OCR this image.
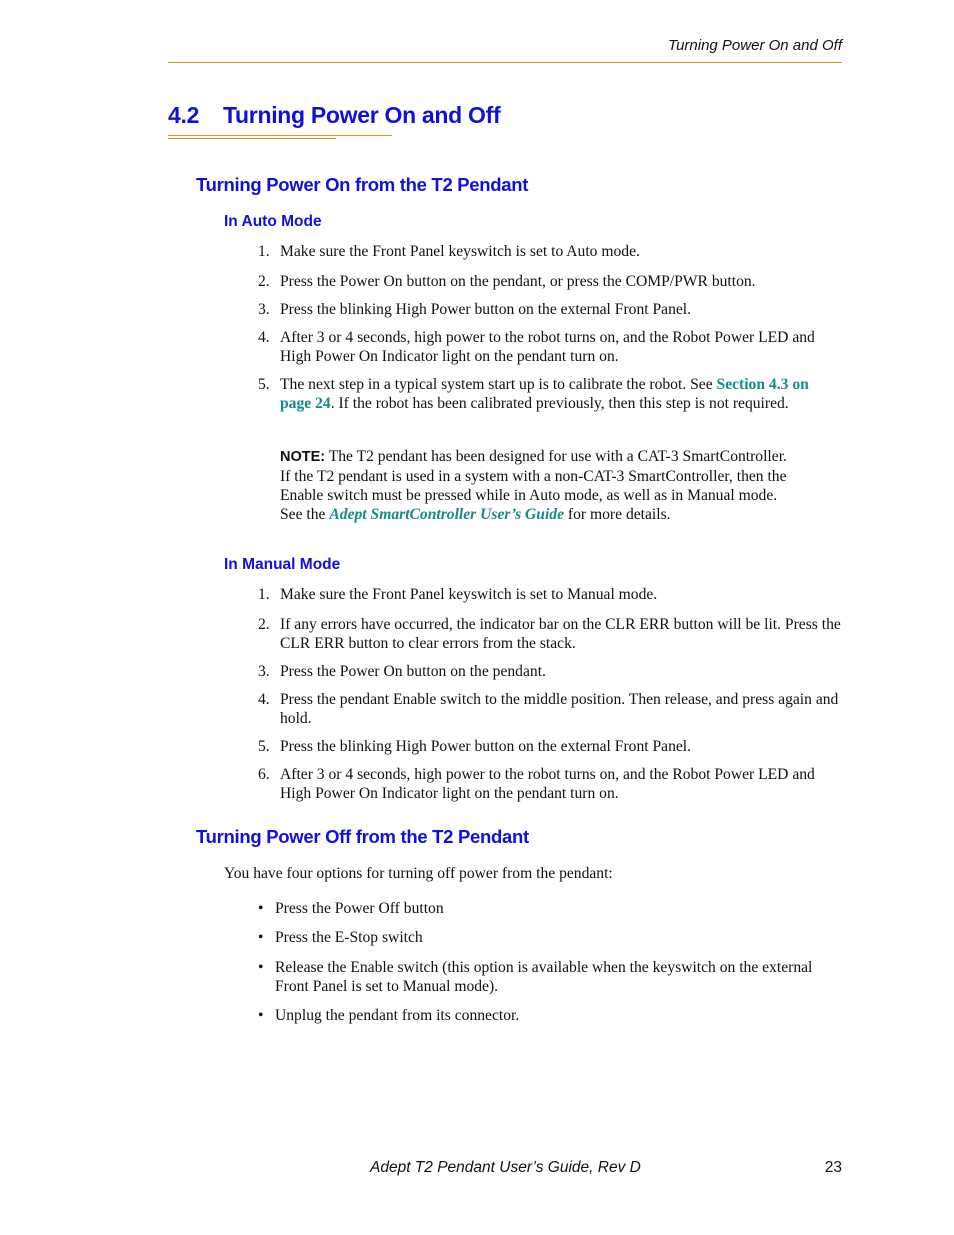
Turning Power On and Off
4.2 Turning Power On and Off
Turning Power On from the T2 Pendant
In Auto Mode
1. Make sure the Front Panel keyswitch is set to Auto mode.
2. Press the Power On button on the pendant, or press the COMP/PWR button.
3. Press the blinking High Power button on the external Front Panel.
4. After 3 or 4 seconds, high power to the robot turns on, and the Robot Power LED and High Power On Indicator light on the pendant turn on.
5. The next step in a typical system start up is to calibrate the robot. See Section 4.3 on page 24. If the robot has been calibrated previously, then this step is not required.
NOTE: The T2 pendant has been designed for use with a CAT-3 SmartController. If the T2 pendant is used in a system with a non-CAT-3 SmartController, then the Enable switch must be pressed while in Auto mode, as well as in Manual mode. See the Adept SmartController User’s Guide for more details.
In Manual Mode
1. Make sure the Front Panel keyswitch is set to Manual mode.
2. If any errors have occurred, the indicator bar on the CLR ERR button will be lit. Press the CLR ERR button to clear errors from the stack.
3. Press the Power On button on the pendant.
4. Press the pendant Enable switch to the middle position. Then release, and press again and hold.
5. Press the blinking High Power button on the external Front Panel.
6. After 3 or 4 seconds, high power to the robot turns on, and the Robot Power LED and High Power On Indicator light on the pendant turn on.
Turning Power Off from the T2 Pendant
You have four options for turning off power from the pendant:
• Press the Power Off button
• Press the E-Stop switch
• Release the Enable switch (this option is available when the keyswitch on the external Front Panel is set to Manual mode).
• Unplug the pendant from its connector.
Adept T2 Pendant User’s Guide, Rev D	23
